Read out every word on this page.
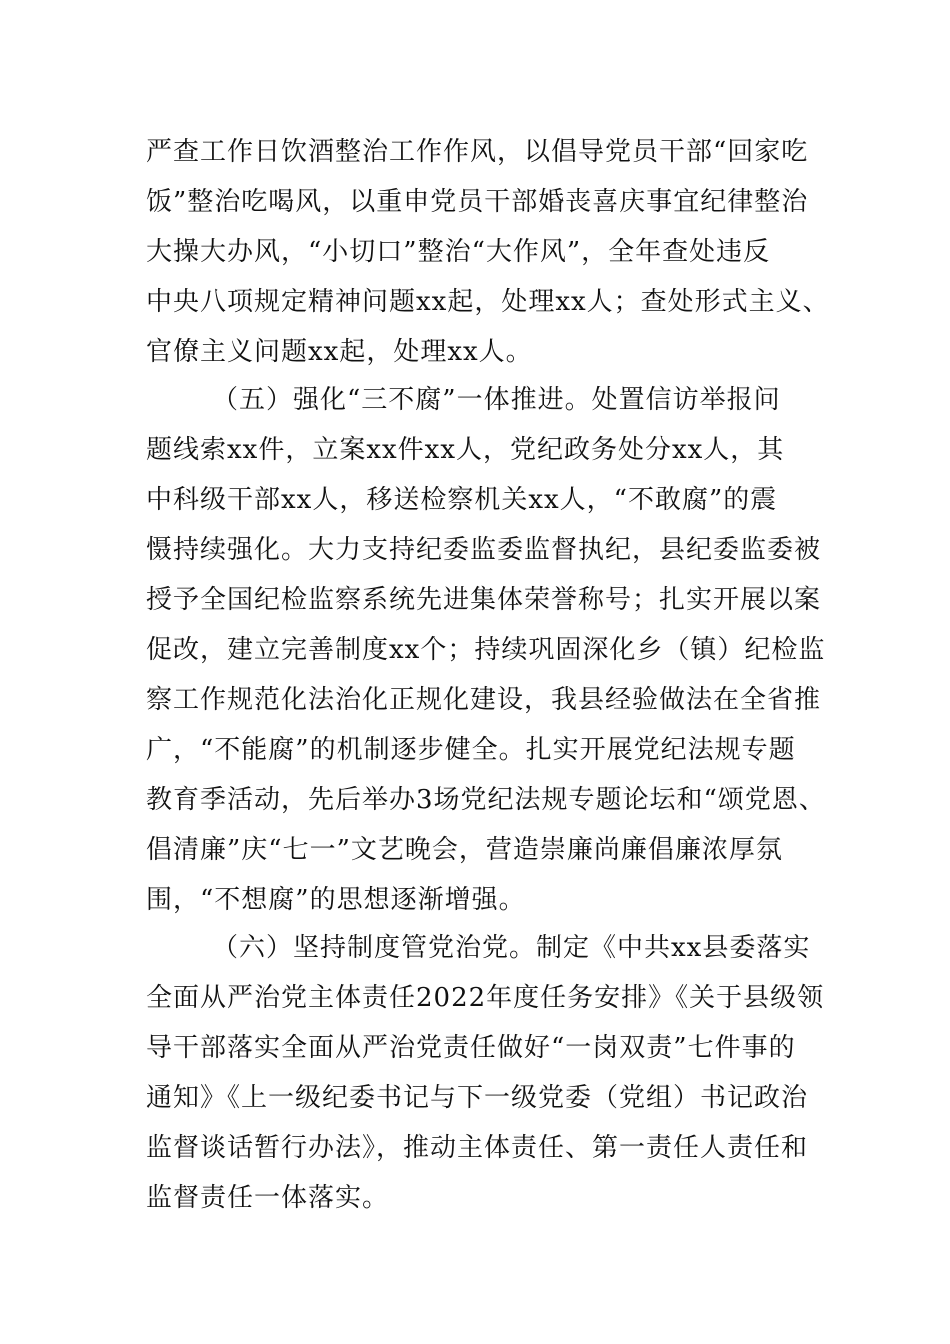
严查工作日饮酒整治工作作风，以倡导党员干部“回家吃
饭”整治吃喝风，以重申党员干部婚丧喜庆事宜纪律整治
大操大办风，“小切口”整治“大作风”，全年查处违反
中央八项规定精神问题xx起，处理xx人；查处形式主义、
官僚主义问题xx起，处理xx人。
（五）强化“三不腐”一体推进。处置信访举报问
题线索xx件，立案xx件xx人，党纪政务处分xx人，其
中科级干部xx人，移送检察机关xx人，“不敢腐”的震
慑持续强化。大力支持纪委监委监督执纪，县纪委监委被
授予全国纪检监察系统先进集体荣誉称号；扎实开展以案
促改，建立完善制度xx个；持续巩固深化乡（镇）纪检监
察工作规范化法治化正规化建设，我县经验做法在全省推
广，“不能腐”的机制逐步健全。扎实开展党纪法规专题
教育季活动，先后举办3场党纪法规专题论坛和“颂党恩、
倡清廉”庆“七一”文艺晚会，营造崇廉尚廉倡廉浓厚氛
围，“不想腐”的思想逐渐增强。
（六）坚持制度管党治党。制定《中共xx县委落实
全面从严治党主体责任2022年度任务安排》《关于县级领
导干部落实全面从严治党责任做好“一岗双责”七件事的
通知》《上一级纪委书记与下一级党委（党组）书记政治
监督谈话暂行办法》，推动主体责任、第一责任人责任和
监督责任一体落实。
